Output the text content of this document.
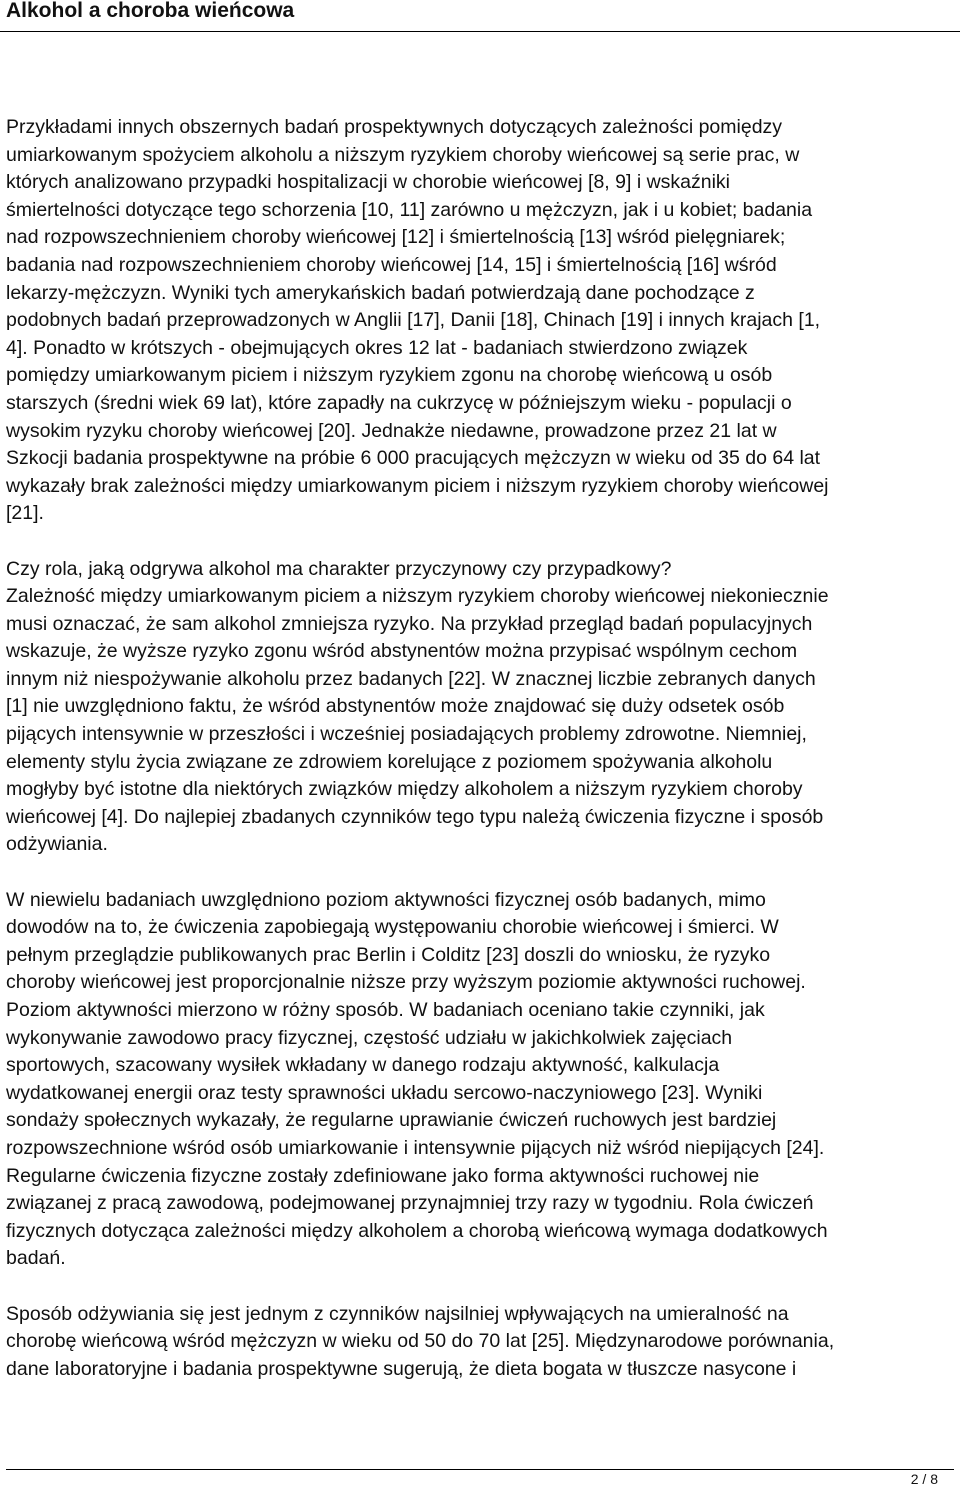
Alkohol a choroba wieńcowa

Przykładami innych obszernych badań prospektywnych dotyczących zależności pomiędzy
umiarkowanym spożyciem alkoholu a niższym ryzykiem choroby wieńcowej są serie prac, w
których analizowano przypadki hospitalizacji w chorobie wieńcowej [8, 9] i wskaźniki
śmiertelności dotyczące tego schorzenia [10, 11] zarówno u mężczyzn, jak i u kobiet; badania
nad rozpowszechnieniem choroby wieńcowej [12] i śmiertelnością [13] wśród pielęgniarek;
badania nad rozpowszechnieniem choroby wieńcowej [14, 15] i śmiertelnością [16] wśród
lekarzy-mężczyzn. Wyniki tych amerykańskich badań potwierdzają dane pochodzące z
podobnych badań przeprowadzonych w Anglii [17], Danii [18], Chinach [19] i innych krajach [1,
4]. Ponadto w krótszych - obejmujących okres 12 lat - badaniach stwierdzono związek
pomiędzy umiarkowanym piciem i niższym ryzykiem zgonu na chorobę wieńcową u osób
starszych (średni wiek 69 lat), które zapadły na cukrzycę w późniejszym wieku - populacji o
wysokim ryzyku choroby wieńcowej [20]. Jednakże niedawne, prowadzone przez 21 lat w
Szkocji badania prospektywne na próbie 6 000 pracujących mężczyzn w wieku od 35 do 64 lat
wykazały brak zależności między umiarkowanym piciem i niższym ryzykiem choroby wieńcowej
[21].

Czy rola, jaką odgrywa alkohol ma charakter przyczynowy czy przypadkowy?
Zależność między umiarkowanym piciem a niższym ryzykiem choroby wieńcowej niekoniecznie
musi oznaczać, że sam alkohol zmniejsza ryzyko. Na przykład przegląd badań populacyjnych
wskazuje, że wyższe ryzyko zgonu wśród abstynentów można przypisać wspólnym cechom
innym niż niespożywanie alkoholu przez badanych [22]. W znacznej liczbie zebranych danych
[1] nie uwzględniono faktu, że wśród abstynentów może znajdować się duży odsetek osób
pijących intensywnie w przeszłości i wcześniej posiadających problemy zdrowotne. Niemniej,
elementy stylu życia związane ze zdrowiem korelujące z poziomem spożywania alkoholu
mogłyby być istotne dla niektórych związków między alkoholem a niższym ryzykiem choroby
wieńcowej [4]. Do najlepiej zbadanych czynników tego typu należą ćwiczenia fizyczne i sposób
odżywiania.

W niewielu badaniach uwzględniono poziom aktywności fizycznej osób badanych, mimo
dowodów na to, że ćwiczenia zapobiegają występowaniu chorobie wieńcowej i śmierci. W
pełnym przeglądzie publikowanych prac Berlin i Colditz [23] doszli do wniosku, że ryzyko
choroby wieńcowej jest proporcjonalnie niższe przy wyższym poziomie aktywności ruchowej.
Poziom aktywności mierzono w różny sposób. W badaniach oceniano takie czynniki, jak
wykonywanie zawodowo pracy fizycznej, częstość udziału w jakichkolwiek zajęciach
sportowych, szacowany wysiłek wkładany w danego rodzaju aktywność, kalkulacja
wydatkowanej energii oraz testy sprawności układu sercowo-naczyniowego [23]. Wyniki
sondaży społecznych wykazały, że regularne uprawianie ćwiczeń ruchowych jest bardziej
rozpowszechnione wśród osób umiarkowanie i intensywnie pijących niż wśród niepijących [24].
Regularne ćwiczenia fizyczne zostały zdefiniowane jako forma aktywności ruchowej nie
związanej z pracą zawodową, podejmowanej przynajmniej trzy razy w tygodniu. Rola ćwiczeń
fizycznych dotycząca zależności między alkoholem a chorobą wieńcową wymaga dodatkowych
badań.

Sposób odżywiania się jest jednym z czynników najsilniej wpływających na umieralność na
chorobę wieńcową wśród mężczyzn w wieku od 50 do 70 lat [25]. Międzynarodowe porównania,
dane laboratoryjne i badania prospektywne sugerują, że dieta bogata w tłuszcze nasycone i

2 / 8
